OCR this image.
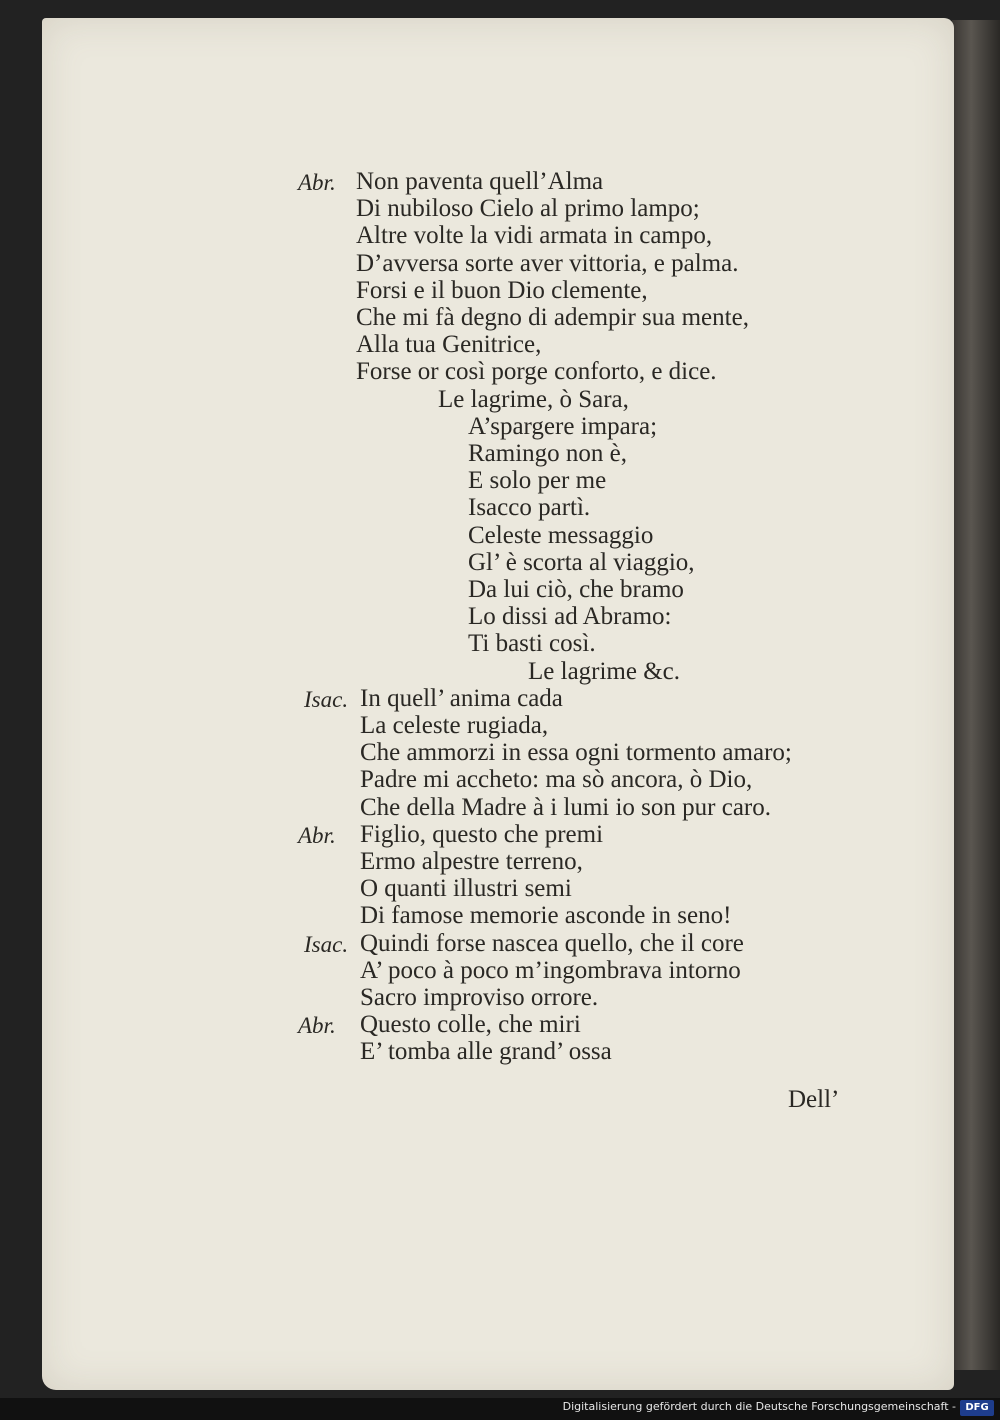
Non paventa quell’Alma
Abr.
Di nubiloso Cielo al primo lampo;
Altre volte la vidi armata in campo,
D’avversa sorte aver vittoria, e palma.
Forsi e il buon Dio clemente,
Che mi fà degno di adempir sua mente,
Alla tua Genitrice,
Forse or così porge conforto, e dice.
Le lagrime, ò Sara,
A’spargere impara;
Ramingo non è,
E solo per me
Isacco partì.
Celeste messaggio
Gl’ è scorta al viaggio,
Da lui ciò, che bramo
Lo dissi ad Abramo:
Ti basti così.
Le lagrime &c.
In quell’ anima cada
Isac.
La celeste rugiada,
Che ammorzi in essa ogni tormento amaro;
Padre mi accheto: ma sò ancora, ò Dio,
Che della Madre à i lumi io son pur caro.
Figlio, questo che premi
Abr.
Ermo alpestre terreno,
O quanti illustri semi
Di famose memorie asconde in seno!
Quindi forse nascea quello, che il core
Isac.
A’ poco à poco m’ingombrava intorno
Sacro improviso orrore.
Questo colle, che miri
Abr.
E’ tomba alle grand’ ossa
Dell’
Digitalisierung gefördert durch die Deutsche Forschungsgemeinschaft - DFG
